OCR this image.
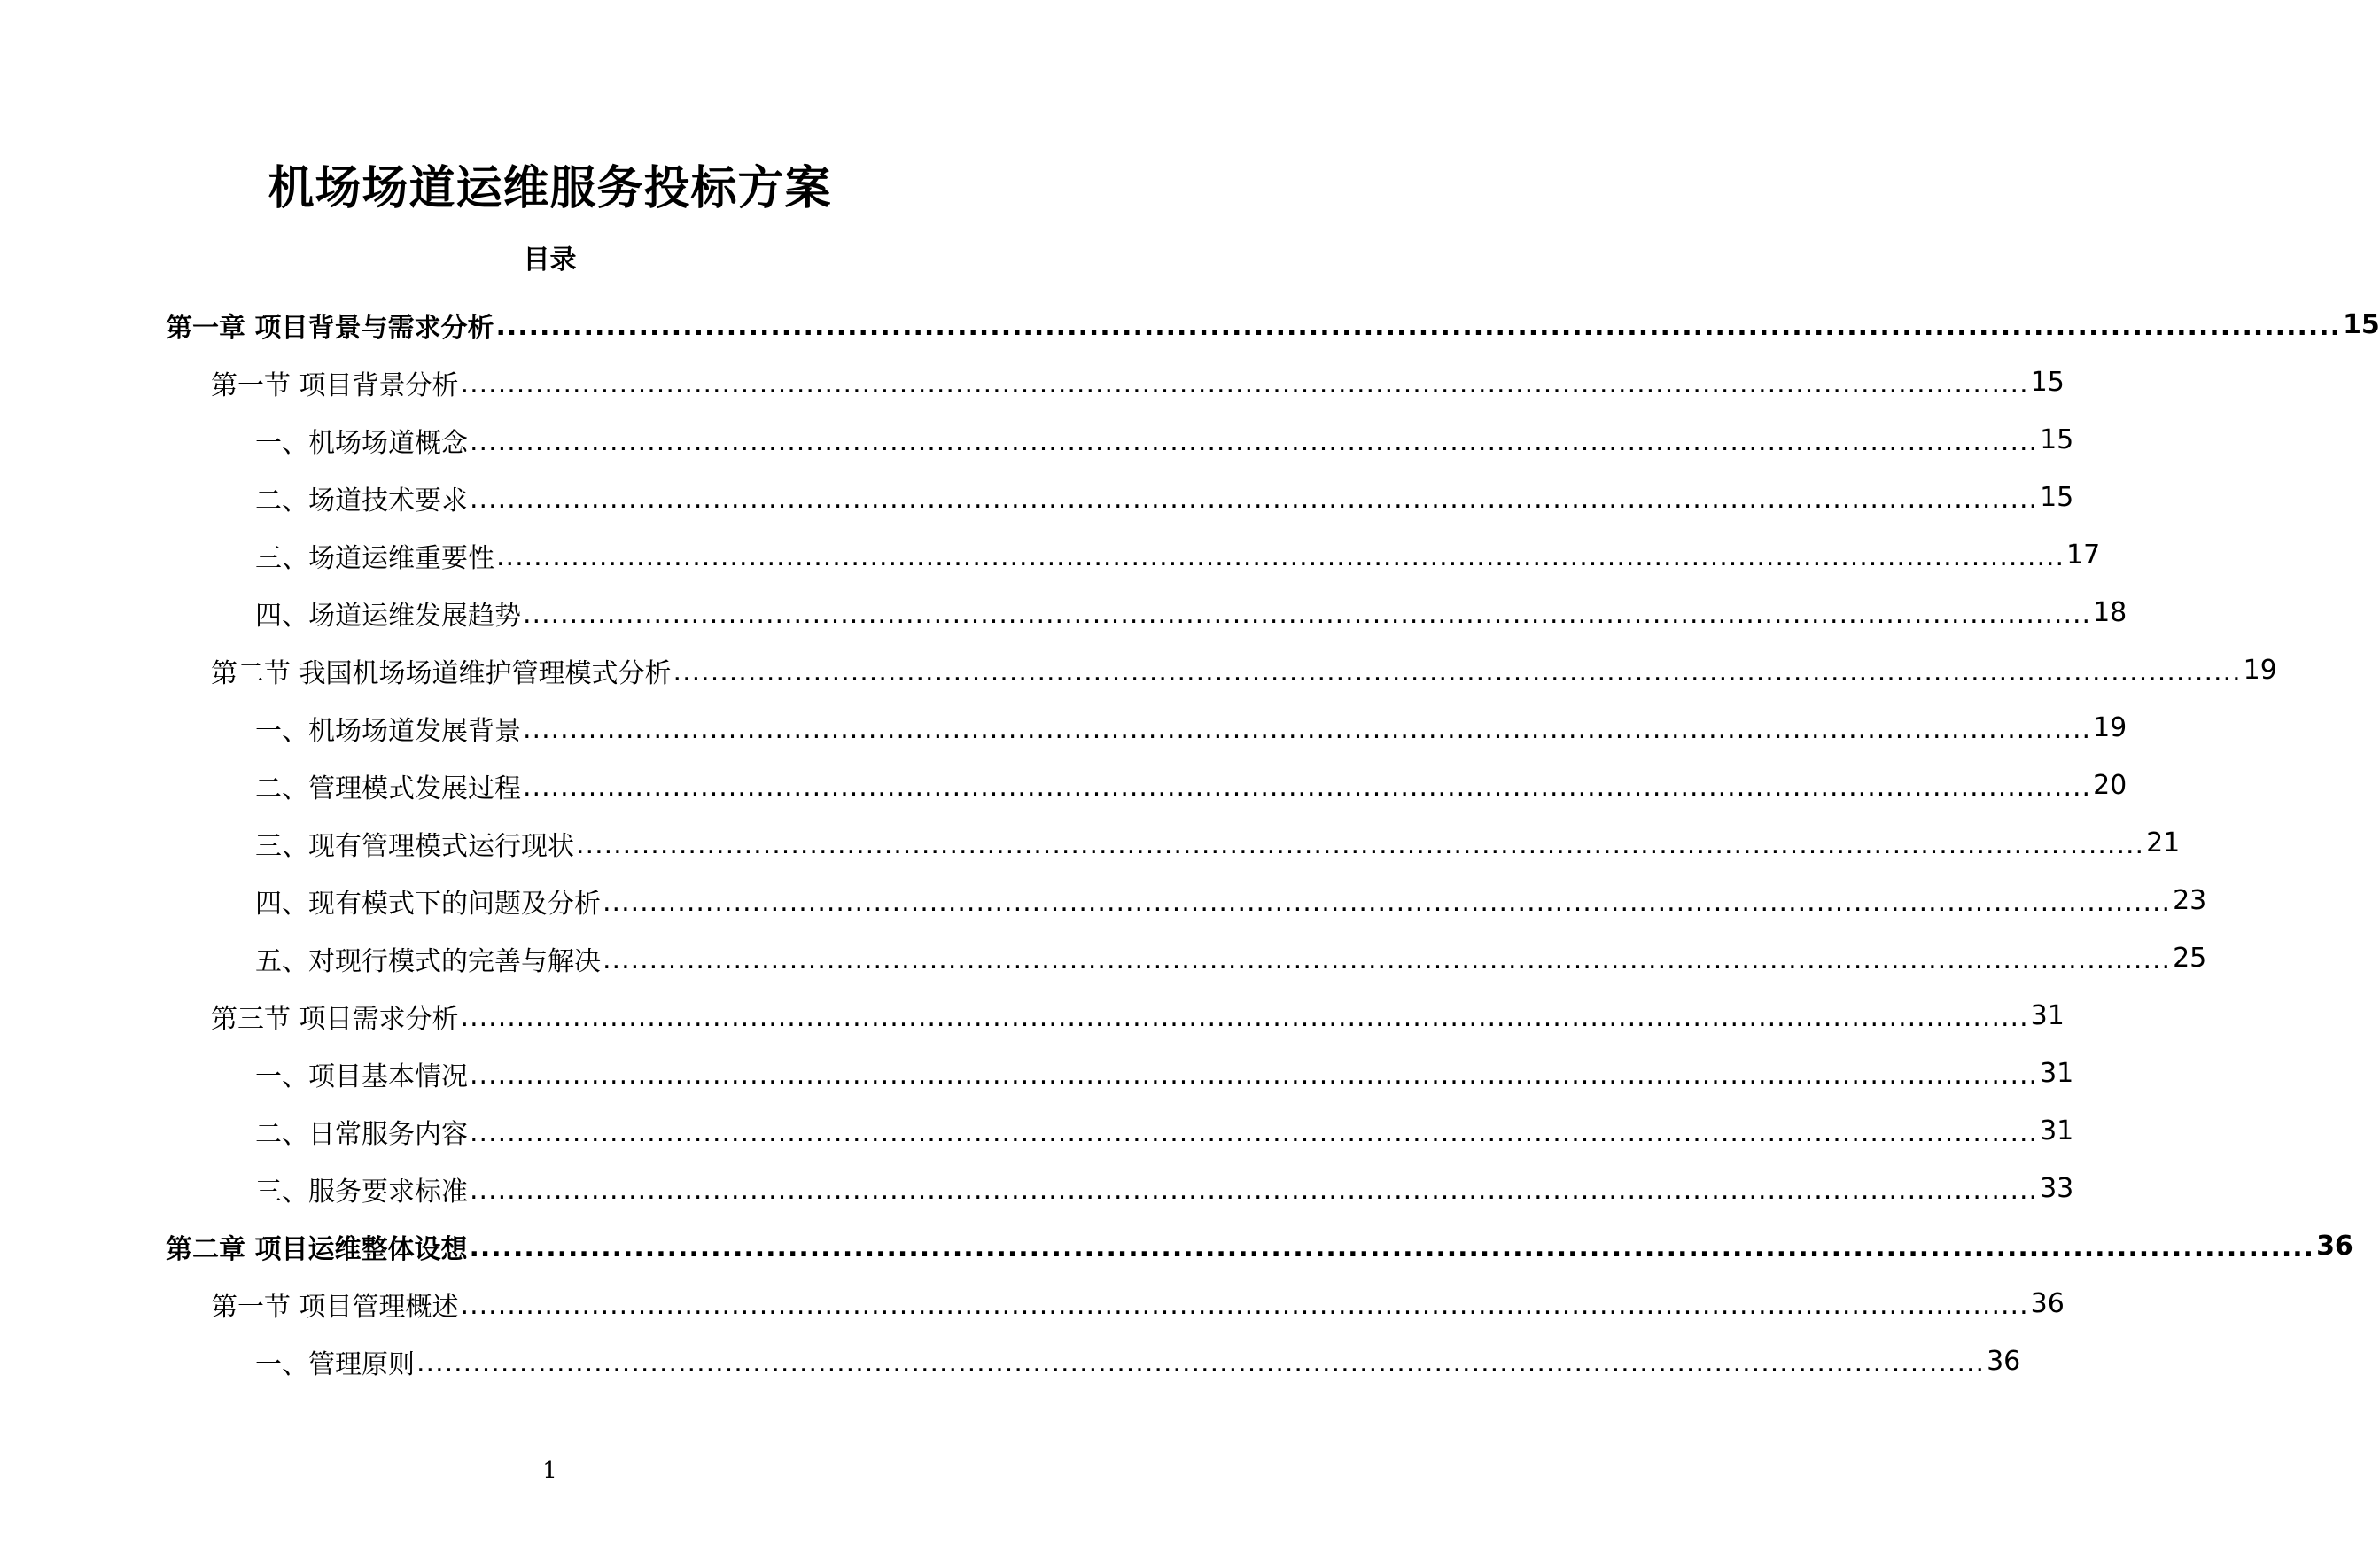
机场场道运维服务投标方案
目录
第一章 项目背景与需求分析 ........................................................................................................................................................................ 15
第一节 项目背景分析 ........................................................................................................................................................................ 15
一、机场场道概念 ........................................................................................................................................................................ 15
二、场道技术要求 ........................................................................................................................................................................ 15
三、场道运维重要性 ........................................................................................................................................................................ 17
四、场道运维发展趋势 ........................................................................................................................................................................ 18
第二节 我国机场场道维护管理模式分析 ........................................................................................................................................................................ 19
一、机场场道发展背景 ........................................................................................................................................................................ 19
二、管理模式发展过程 ........................................................................................................................................................................ 20
三、现有管理模式运行现状 ........................................................................................................................................................................ 21
四、现有模式下的问题及分析 ........................................................................................................................................................................ 23
五、对现行模式的完善与解决 ........................................................................................................................................................................ 25
第三节 项目需求分析 ........................................................................................................................................................................ 31
一、项目基本情况 ........................................................................................................................................................................ 31
二、日常服务内容 ........................................................................................................................................................................ 31
三、服务要求标准 ........................................................................................................................................................................ 33
第二章 项目运维整体设想 ........................................................................................................................................................................ 36
第一节 项目管理概述 ........................................................................................................................................................................ 36
一、管理原则 ........................................................................................................................................................................ 36
1
